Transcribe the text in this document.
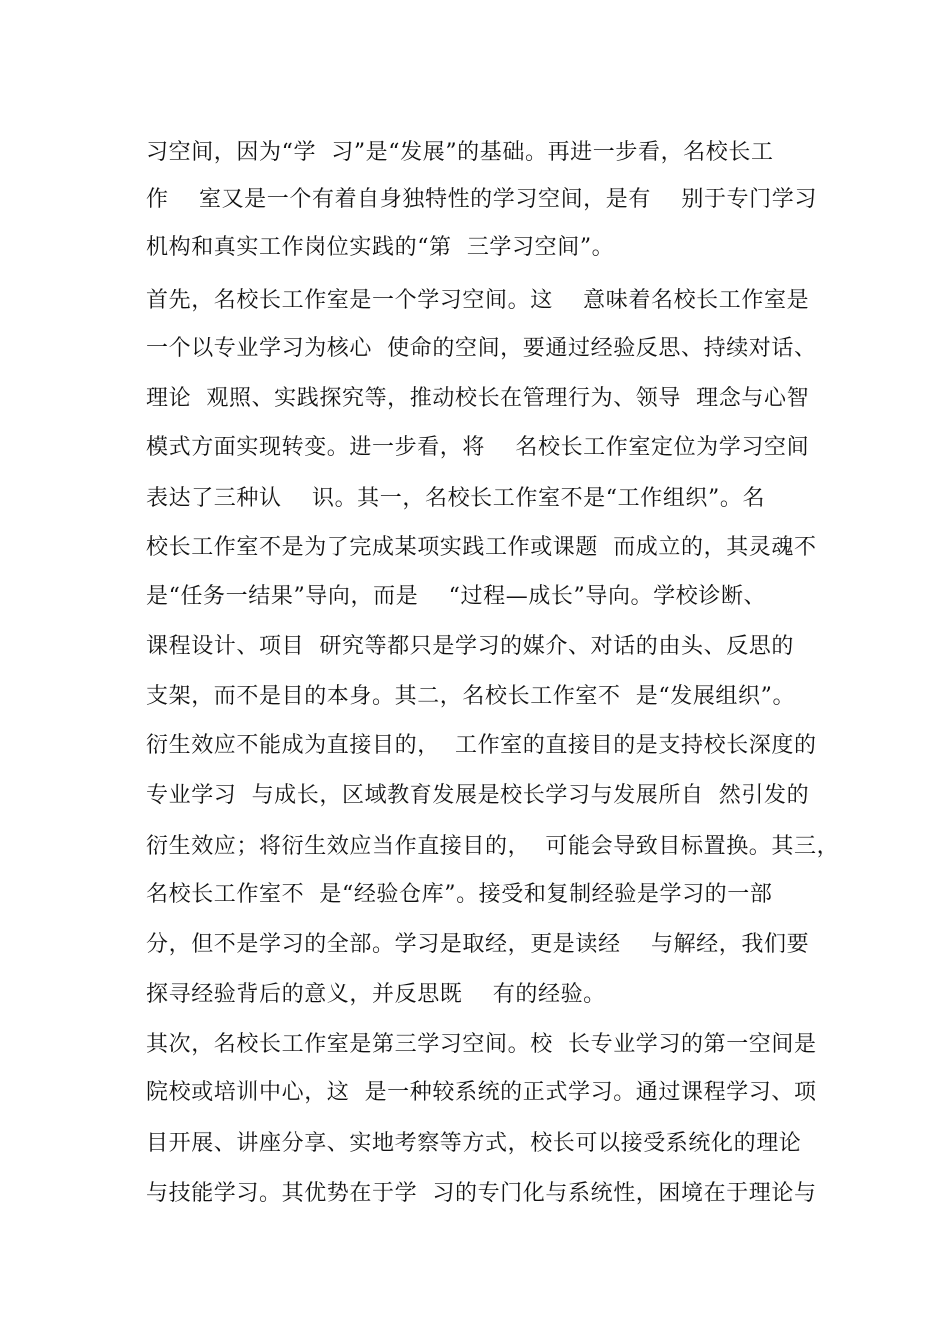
习空间，因为“学  习”是“发展”的基础。再进一步看，名校长工
作    室又是一个有着自身独特性的学习空间，是有    别于专门学习
机构和真实工作岗位实践的“第  三学习空间”。
首先，名校长工作室是一个学习空间。这    意味着名校长工作室是
一个以专业学习为核心  使命的空间，要通过经验反思、持续对话、
理论  观照、实践探究等，推动校长在管理行为、领导  理念与心智
模式方面实现转变。进一步看，将    名校长工作室定位为学习空间
表达了三种认    识。其一，名校长工作室不是“工作组织”。名
校长工作室不是为了完成某项实践工作或课题  而成立的，其灵魂不
是“任务一结果”导向，而是    “过程—成长”导向。学校诊断、
课程设计、项目  研究等都只是学习的媒介、对话的由头、反思的
支架，而不是目的本身。其二，名校长工作室不  是“发展组织”。
衍生效应不能成为直接目的，  工作室的直接目的是支持校长深度的
专业学习  与成长，区域教育发展是校长学习与发展所自  然引发的
衍生效应；将衍生效应当作直接目的，  可能会导致目标置换。其三，
名校长工作室不  是“经验仓库”。接受和复制经验是学习的一部
分，但不是学习的全部。学习是取经，更是读经    与解经，我们要
探寻经验背后的意义，并反思既    有的经验。
其次，名校长工作室是第三学习空间。校  长专业学习的第一空间是
院校或培训中心，这  是一种较系统的正式学习。通过课程学习、项
目开展、讲座分享、实地考察等方式，校长可以接受系统化的理论
与技能学习。其优势在于学  习的专门化与系统性，困境在于理论与
